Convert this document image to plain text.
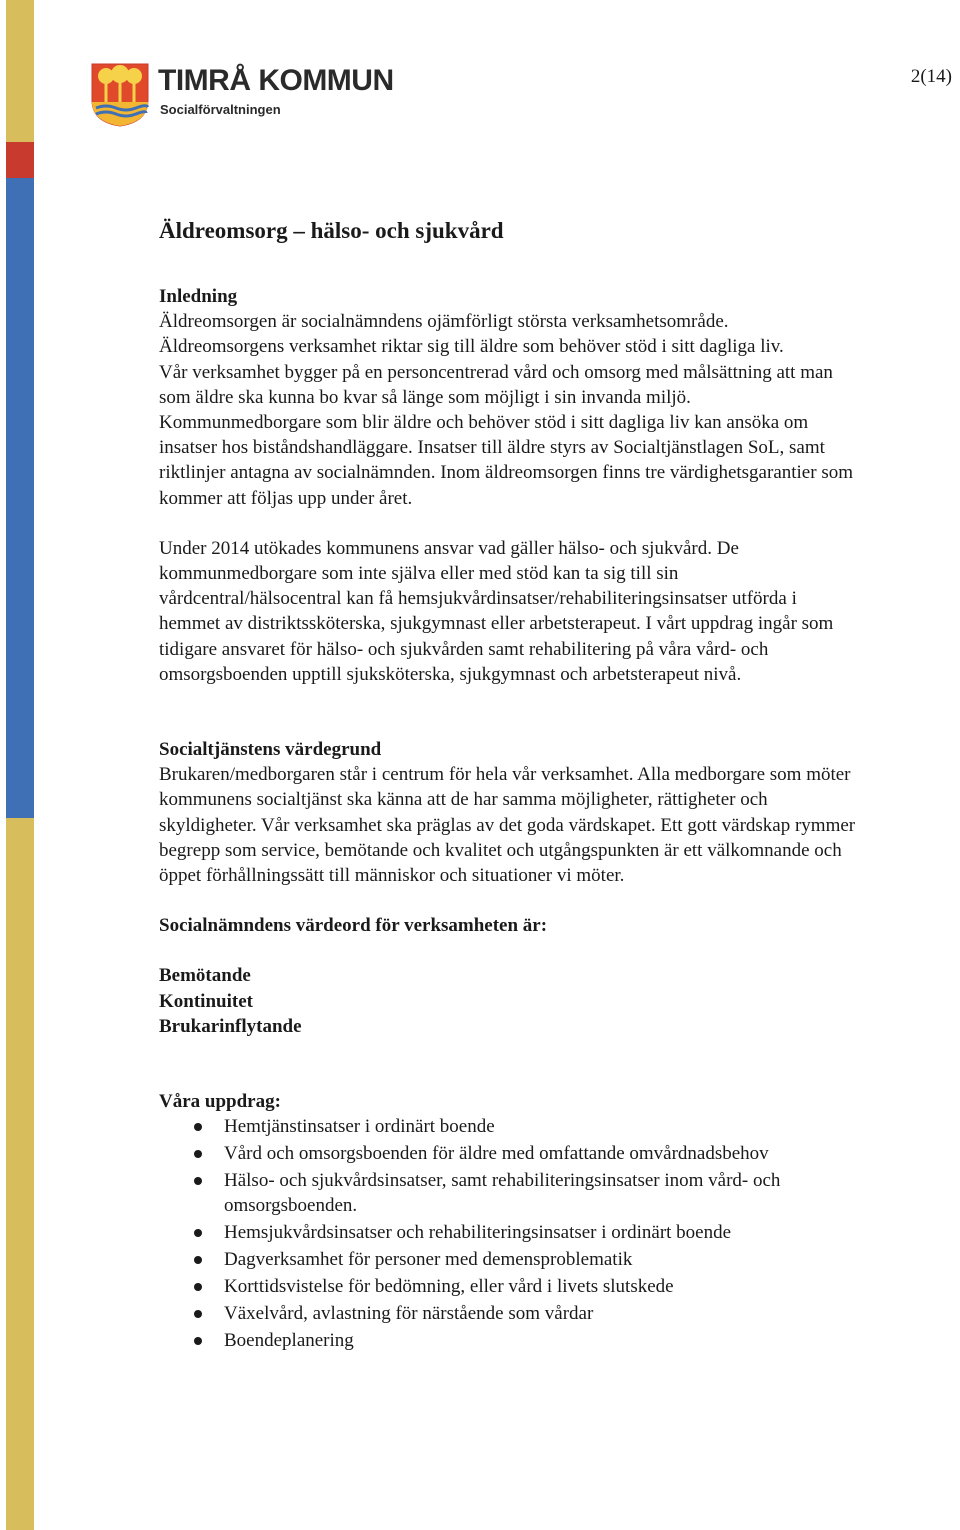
2(14)
TIMRÅ KOMMUN
Socialförvaltningen
Äldreomsorg – hälso- och sjukvård

Inledning

Äldreomsorgen är socialnämndens ojämförligt största verksamhetsområde.

Äldreomsorgens verksamhet riktar sig till äldre som behöver stöd i sitt dagliga liv.

Vår verksamhet bygger på en personcentrerad vård och omsorg med målsättning att man

som äldre ska kunna bo kvar så länge som möjligt i sin invanda miljö.

Kommunmedborgare som blir äldre och behöver stöd i sitt dagliga liv kan ansöka om

insatser hos biståndshandläggare. Insatser till äldre styrs av Socialtjänstlagen SoL, samt

riktlinjer antagna av socialnämnden. Inom äldreomsorgen finns tre värdighetsgarantier som

kommer att följas upp under året.

Under 2014 utökades kommunens ansvar vad gäller hälso- och sjukvård. De

kommunmedborgare som inte själva eller med stöd kan ta sig till sin

vårdcentral/hälsocentral kan få hemsjukvårdinsatser/rehabiliteringsinsatser utförda i

hemmet av distriktssköterska, sjukgymnast eller arbetsterapeut. I vårt uppdrag ingår som

tidigare ansvaret för hälso- och sjukvården samt rehabilitering på våra vård- och

omsorgsboenden upptill sjuksköterska, sjukgymnast och arbetsterapeut nivå.

Socialtjänstens värdegrund

Brukaren/medborgaren står i centrum för hela vår verksamhet. Alla medborgare som möter

kommunens socialtjänst ska känna att de har samma möjligheter, rättigheter och

skyldigheter. Vår verksamhet ska präglas av det goda värdskapet. Ett gott värdskap rymmer

begrepp som service, bemötande och kvalitet och utgångspunkten är ett välkomnande och

öppet förhållningssätt till människor och situationer vi möter.

Socialnämndens värdeord för verksamheten är:

Bemötande

Kontinuitet

Brukarinflytande

Våra uppdrag:

Hemtjänstinsatser i ordinärt boende
Vård och omsorgsboenden för äldre med omfattande omvårdnadsbehov
Hälso- och sjukvårdsinsatser, samt rehabiliteringsinsatser inom vård- och
omsorgsboenden.
Hemsjukvårdsinsatser och rehabiliteringsinsatser i ordinärt boende
Dagverksamhet för personer med demensproblematik
Korttidsvistelse för bedömning, eller vård i livets slutskede
Växelvård, avlastning för närstående som vårdar
Boendeplanering
